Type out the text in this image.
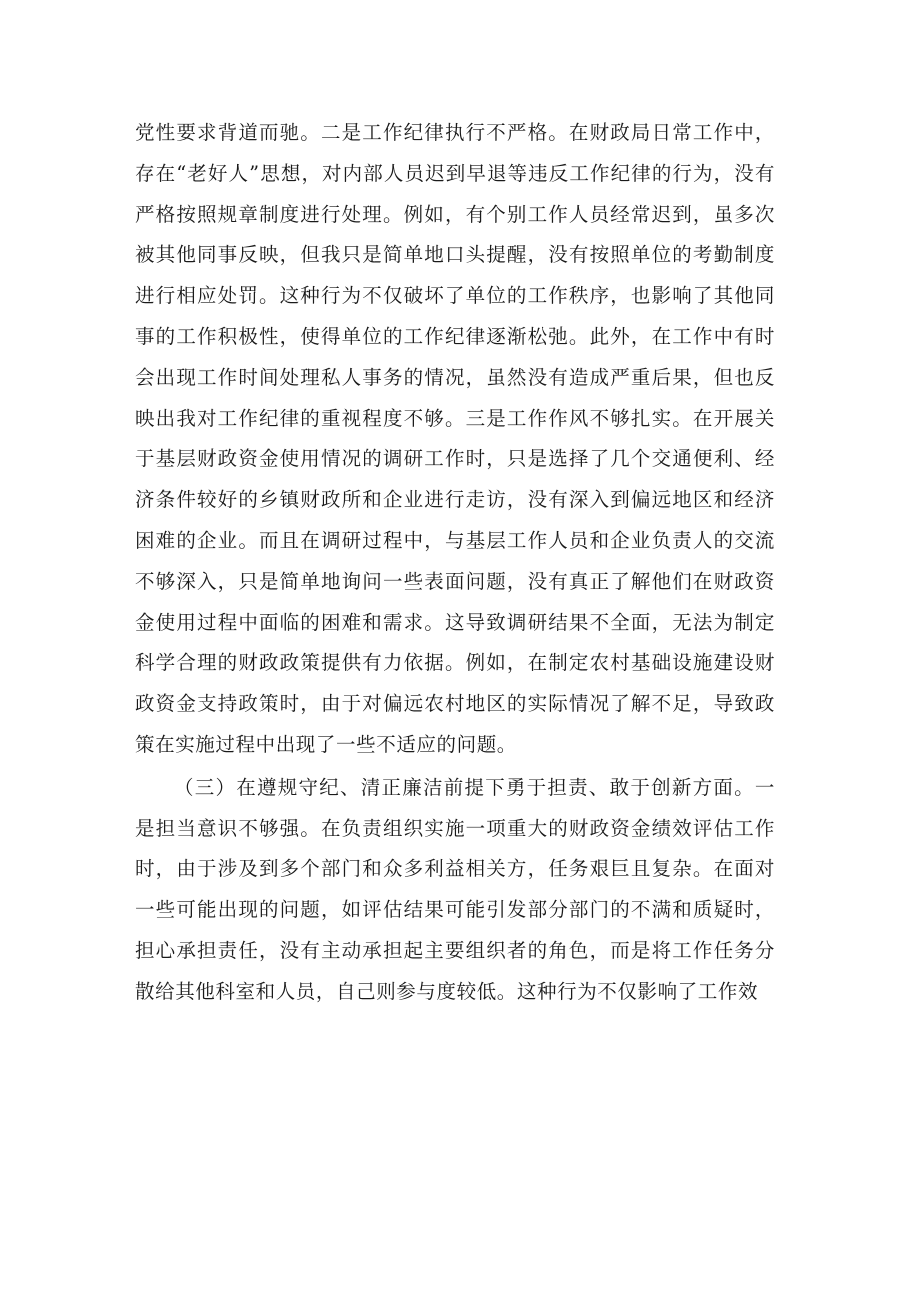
党性要求背道而驰。二是工作纪律执行不严格。在财政局日常工作中，存在“老好人”思想，对内部人员迟到早退等违反工作纪律的行为，没有严格按照规章制度进行处理。例如，有个别工作人员经常迟到，虽多次被其他同事反映，但我只是简单地口头提醒，没有按照单位的考勤制度进行相应处罚。这种行为不仅破坏了单位的工作秩序，也影响了其他同事的工作积极性，使得单位的工作纪律逐渐松弛。此外，在工作中有时会出现工作时间处理私人事务的情况，虽然没有造成严重后果，但也反映出我对工作纪律的重视程度不够。三是工作作风不够扎实。在开展关于基层财政资金使用情况的调研工作时，只是选择了几个交通便利、经济条件较好的乡镇财政所和企业进行走访，没有深入到偏远地区和经济困难的企业。而且在调研过程中，与基层工作人员和企业负责人的交流不够深入，只是简单地询问一些表面问题，没有真正了解他们在财政资金使用过程中面临的困难和需求。这导致调研结果不全面，无法为制定科学合理的财政政策提供有力依据。例如，在制定农村基础设施建设财政资金支持政策时，由于对偏远农村地区的实际情况了解不足，导致政策在实施过程中出现了一些不适应的问题。

（三）在遵规守纪、清正廉洁前提下勇于担责、敢于创新方面。一是担当意识不够强。在负责组织实施一项重大的财政资金绩效评估工作时，由于涉及到多个部门和众多利益相关方，任务艰巨且复杂。在面对一些可能出现的问题，如评估结果可能引发部分部门的不满和质疑时，担心承担责任，没有主动承担起主要组织者的角色，而是将工作任务分散给其他科室和人员，自己则参与度较低。这种行为不仅影响了工作效
